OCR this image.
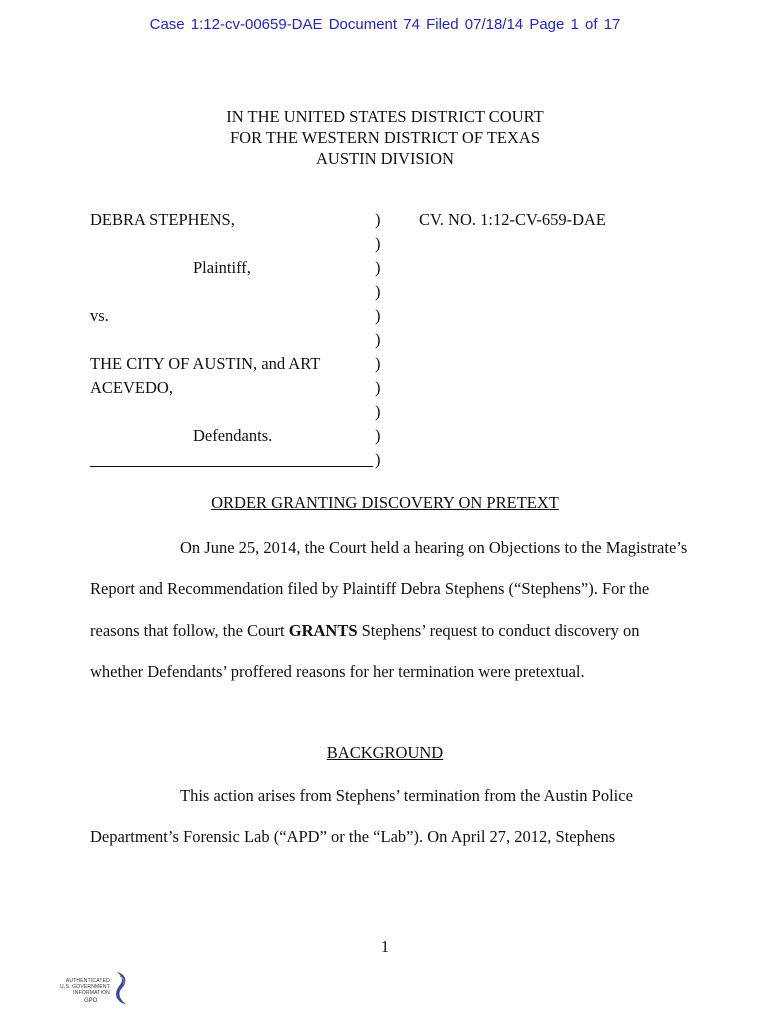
Case 1:12-cv-00659-DAE Document 74 Filed 07/18/14 Page 1 of 17
IN THE UNITED STATES DISTRICT COURT
FOR THE WESTERN DISTRICT OF TEXAS
AUSTIN DIVISION
DEBRA STEPHENS,	CV. NO. 1:12-CV-659-DAE
Plaintiff,
vs.
THE CITY OF AUSTIN, and ART
ACEVEDO,
Defendants.
)
)
)
)
)
)
)
)
)
)
)
ORDER GRANTING DISCOVERY ON PRETEXT

On June 25, 2014, the Court held a hearing on Objections to the Magistrate’s Report and Recommendation filed by Plaintiff Debra Stephens (“Stephens”). For the reasons that follow, the Court GRANTS Stephens’ request to conduct discovery on whether Defendants’ proffered reasons for her termination were pretextual.

BACKGROUND

This action arises from Stephens’ termination from the Austin Police Department’s Forensic Lab (“APD” or the “Lab”). On April 27, 2012, Stephens

1
AUTHENTICATED
U.S. GOVERNMENT
INFORMATION
GPO
